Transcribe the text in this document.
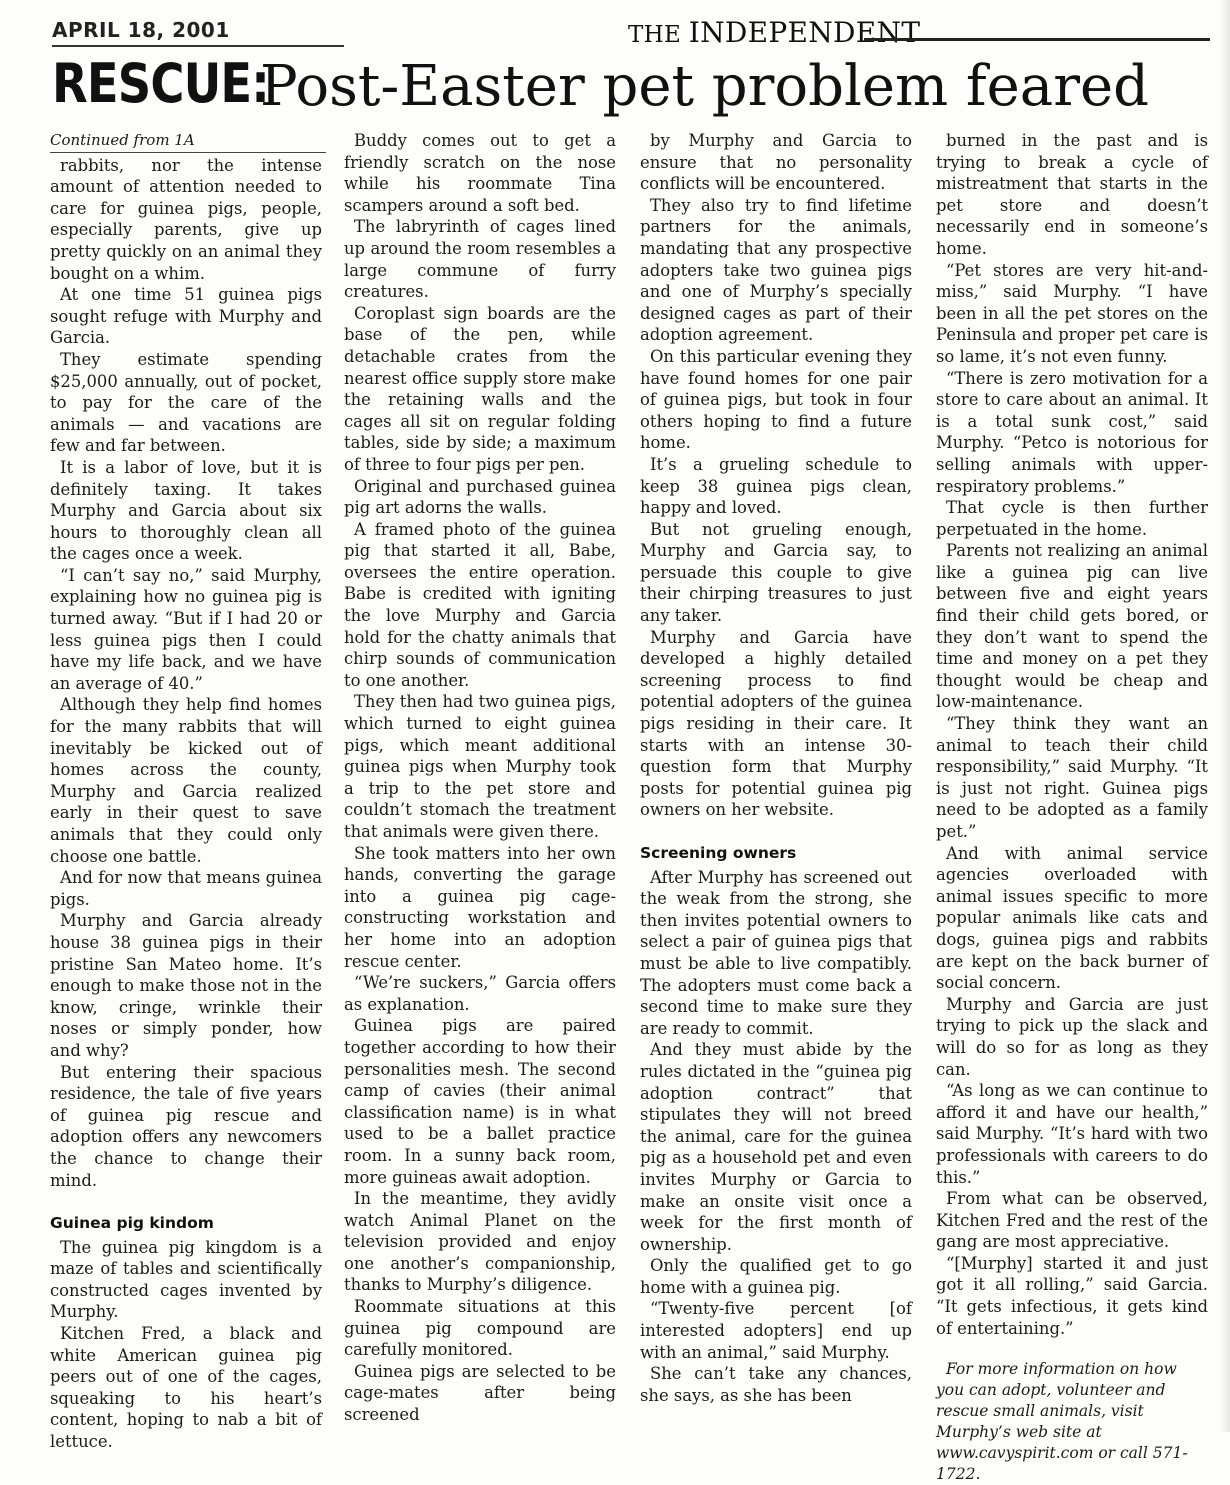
APRIL 18, 2001	THE INDEPENDENT
RESCUE:
Post-Easter pet problem feared

Continued from 1A

rabbits, nor the intense amount of attention needed to care for guinea pigs, people, especially parents, give up pretty quickly on an animal they bought on a whim.

At one time 51 guinea pigs sought refuge with Murphy and Garcia.

They estimate spending $25,000 annually, out of pocket, to pay for the care of the animals — and vacations are few and far between.

It is a labor of love, but it is definitely taxing. It takes Murphy and Garcia about six hours to thoroughly clean all the cages once a week.

“I can’t say no,” said Murphy, explaining how no guinea pig is turned away. “But if I had 20 or less guinea pigs then I could have my life back, and we have an average of 40.”

Although they help find homes for the many rabbits that will inevitably be kicked out of homes across the county, Murphy and Garcia realized early in their quest to save animals that they could only choose one battle.

And for now that means guinea pigs.

Murphy and Garcia already house 38 guinea pigs in their pristine San Mateo home. It’s enough to make those not in the know, cringe, wrinkle their noses or simply ponder, how and why?

But entering their spacious residence, the tale of five years of guinea pig rescue and adoption offers any newcomers the chance to change their mind.

Guinea pig kindom

The guinea pig kingdom is a maze of tables and scientifically constructed cages invented by Murphy.

Kitchen Fred, a black and white American guinea pig peers out of one of the cages, squeaking to his heart’s content, hoping to nab a bit of lettuce.

Buddy comes out to get a friendly scratch on the nose while his roommate Tina scampers around a soft bed.

The labryrinth of cages lined up around the room resembles a large commune of furry creatures.

Coroplast sign boards are the base of the pen, while detachable crates from the nearest office supply store make the retaining walls and the cages all sit on regular folding tables, side by side; a maximum of three to four pigs per pen.

Original and purchased guinea pig art adorns the walls.

A framed photo of the guinea pig that started it all, Babe, oversees the entire operation. Babe is credited with igniting the love Murphy and Garcia hold for the chatty animals that chirp sounds of communication to one another.

They then had two guinea pigs, which turned to eight guinea pigs, which meant additional guinea pigs when Murphy took a trip to the pet store and couldn’t stomach the treatment that animals were given there.

She took matters into her own hands, converting the garage into a guinea pig cage-constructing workstation and her home into an adoption rescue center.

“We’re suckers,” Garcia offers as explanation.

Guinea pigs are paired together according to how their personalities mesh. The second camp of cavies (their animal classification name) is in what used to be a ballet practice room. In a sunny back room, more guineas await adoption.

In the meantime, they avidly watch Animal Planet on the television provided and enjoy one another’s companionship, thanks to Murphy’s diligence.

Roommate situations at this guinea pig compound are carefully monitored.

Guinea pigs are selected to be cage-mates after being screened

by Murphy and Garcia to ensure that no personality conflicts will be encountered.

They also try to find lifetime partners for the animals, mandating that any prospective adopters take two guinea pigs and one of Murphy’s specially designed cages as part of their adoption agreement.

On this particular evening they have found homes for one pair of guinea pigs, but took in four others hoping to find a future home.

It’s a grueling schedule to keep 38 guinea pigs clean, happy and loved.

But not grueling enough, Murphy and Garcia say, to persuade this couple to give their chirping treasures to just any taker.

Murphy and Garcia have developed a highly detailed screening process to find potential adopters of the guinea pigs residing in their care. It starts with an intense 30-question form that Murphy posts for potential guinea pig owners on her website.

Screening owners

After Murphy has screened out the weak from the strong, she then invites potential owners to select a pair of guinea pigs that must be able to live compatibly. The adopters must come back a second time to make sure they are ready to commit.

And they must abide by the rules dictated in the “guinea pig adoption contract” that stipulates they will not breed the animal, care for the guinea pig as a household pet and even invites Murphy or Garcia to make an onsite visit once a week for the first month of ownership.

Only the qualified get to go home with a guinea pig.

“Twenty-five percent [of interested adopters] end up with an animal,” said Murphy.

She can’t take any chances, she says, as she has been

burned in the past and is trying to break a cycle of mistreatment that starts in the pet store and doesn’t necessarily end in someone’s home.

“Pet stores are very hit-and-miss,” said Murphy. “I have been in all the pet stores on the Peninsula and proper pet care is so lame, it’s not even funny.

“There is zero motivation for a store to care about an animal. It is a total sunk cost,” said Murphy. “Petco is notorious for selling animals with upper-respiratory problems.”

That cycle is then further perpetuated in the home.

Parents not realizing an animal like a guinea pig can live between five and eight years find their child gets bored, or they don’t want to spend the time and money on a pet they thought would be cheap and low-maintenance.

“They think they want an animal to teach their child responsibility,” said Murphy. “It is just not right. Guinea pigs need to be adopted as a family pet.”

And with animal service agencies overloaded with animal issues specific to more popular animals like cats and dogs, guinea pigs and rabbits are kept on the back burner of social concern.

Murphy and Garcia are just trying to pick up the slack and will do so for as long as they can.

“As long as we can continue to afford it and have our health,” said Murphy. “It’s hard with two professionals with careers to do this.”

From what can be observed, Kitchen Fred and the rest of the gang are most appreciative.

“[Murphy] started it and just got it all rolling,” said Garcia. “It gets infectious, it gets kind of entertaining.”

For more information on how you can adopt, volunteer and rescue small animals, visit Murphy’s web site at www.cavyspirit.com or call 571-1722.
